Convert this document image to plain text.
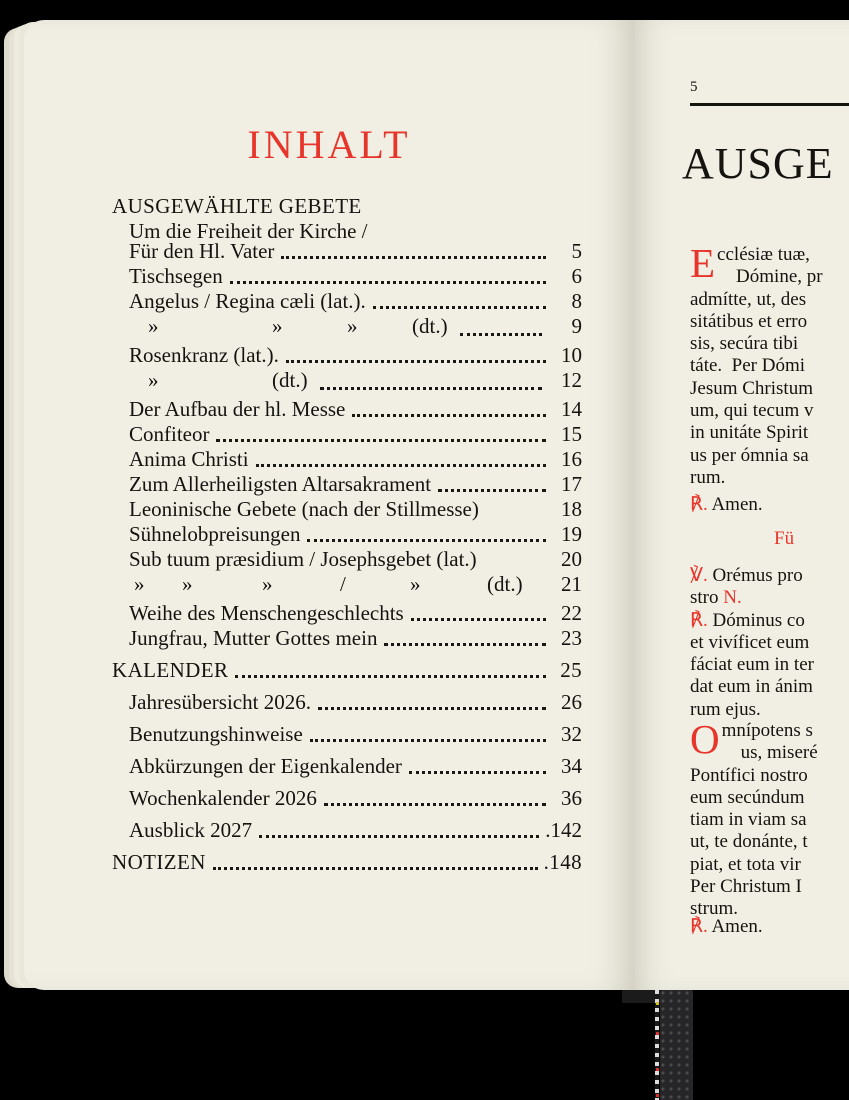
INHALT
AUSGEWÄHLTE GEBETE
Um die Freiheit der Kirche /
Für den Hl. Vater	5
Tischsegen	6
Angelus / Regina cæli (lat.).	8
»	»	»	(dt.)	9
Rosenkranz (lat.).	10
»	(dt.)	12
Der Aufbau der hl. Messe	14
Confiteor	15
Anima Christi	16
Zum Allerheiligsten Altarsakrament	17
Leoninische Gebete (nach der Stillmesse)	18
Sühnelobpreisungen	19
Sub tuum præsidium / Josephsgebet (lat.)	20
» »	»	/	»	(dt.) 21
Weihe des Menschengeschlechts	22
Jungfrau, Mutter Gottes mein	23
KALENDER	25
Jahresübersicht 2026.	26
Benutzungshinweise	32
Abkürzungen der Eigenkalender	34
Wochenkalender 2026	36
Ausblick 2027	.142
NOTIZEN	.148
5
AUSGE
Ecclésiæ tuæ,
Dómine, pr
admítte, ut, des
sitátibus et erro
sis, secúra tibi
táte.  Per Dómi
Jesum Christum
um, qui tecum v
in unitáte Spirit
us per ómnia sa
rum.
℟. Amen.
Fü
℣. Orémus pro
stro N.
℟. Dóminus co
et vivíficet eum
fáciat eum in ter
dat eum in ánim
rum ejus.
Omnípotens s
us, miseré
Pontífici nostro
eum secúndum
tiam in viam sa
ut, te donánte, t
piat, et tota vir
Per Christum I
strum.
℟. Amen.
